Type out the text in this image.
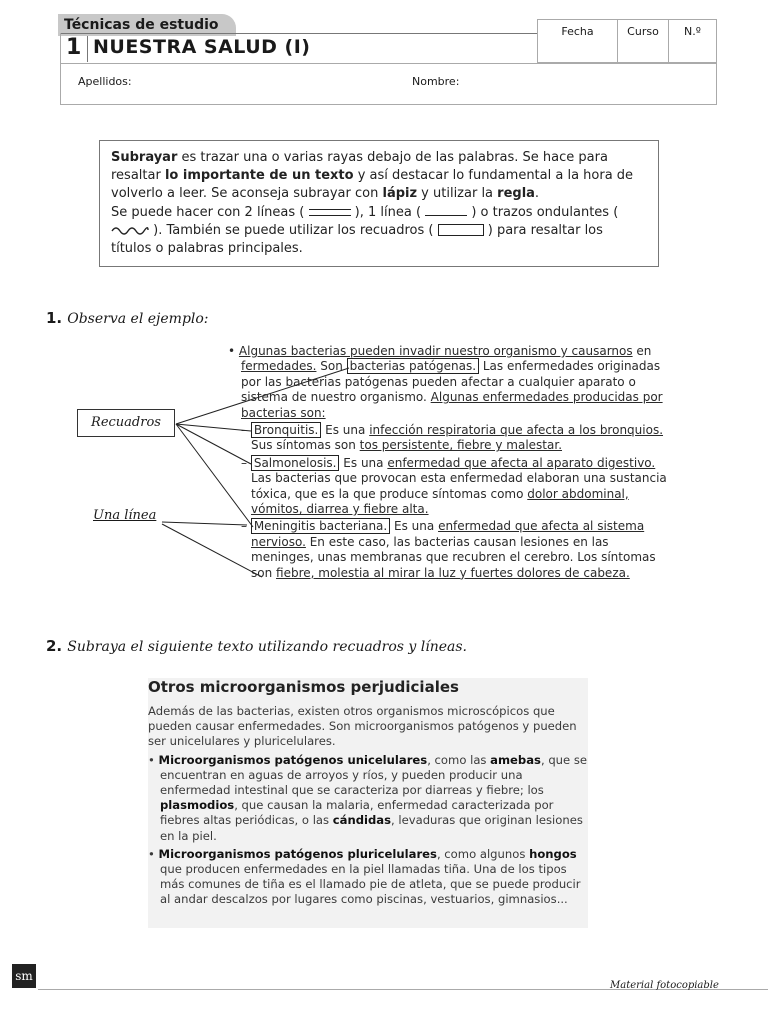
Técnicas de estudio
1 NUESTRA SALUD (I)
Fecha	Curso	N.º
Apellidos:	Nombre:
Subrayar es trazar una o varias rayas debajo de las palabras. Se hace para resaltar lo importante de un texto y así destacar lo fundamental a la hora de volverlo a leer. Se aconseja subrayar con lápiz y utilizar la regla.
Se puede hacer con 2 líneas (	), 1 línea (	) o trazos ondulantes (  ). También se puede utilizar los recuadros (	) para resaltar los títulos o palabras principales.
1. Observa el ejemplo:
Recuadros
Una línea
• Algunas bacterias pueden invadir nuestro organismo y causarnos en fermedades. Son bacterias patógenas. Las enfermedades originadas por las bacterias patógenas pueden afectar a cualquier aparato o sistema de nuestro organismo. Algunas enfermedades producidas por bacterias son:
– Bronquitis. Es una infección respiratoria que afecta a los bronquios. Sus síntomas son tos persistente, fiebre y malestar.
– Salmonelosis. Es una enfermedad que afecta al aparato digestivo. Las bacterias que provocan esta enfermedad elaboran una sustancia tóxica, que es la que produce síntomas como dolor abdominal, vómitos, diarrea y fiebre alta.
– Meningitis bacteriana. Es una enfermedad que afecta al sistema nervioso. En este caso, las bacterias causan lesiones en las meninges, unas membranas que recubren el cerebro. Los síntomas son fiebre, molestia al mirar la luz y fuertes dolores de cabeza.
2. Subraya el siguiente texto utilizando recuadros y líneas.
Otros microorganismos perjudiciales
Además de las bacterias, existen otros organismos microscópicos que pueden causar enfermedades. Son microorganismos patógenos y pueden ser unicelulares y pluricelulares.
• Microorganismos patógenos unicelulares, como las amebas, que se encuentran en aguas de arroyos y ríos, y pueden producir una enfermedad intestinal que se caracteriza por diarreas y fiebre; los plasmodios, que causan la malaria, enfermedad caracterizada por fiebres altas periódicas, o las cándidas, levaduras que originan lesiones en la piel.
• Microorganismos patógenos pluricelulares, como algunos hongos que producen enfermedades en la piel llamadas tiña. Una de los tipos más comunes de tiña es el llamado pie de atleta, que se puede producir al andar descalzos por lugares como piscinas, vestuarios, gimnasios...
sm
Material fotocopiable
